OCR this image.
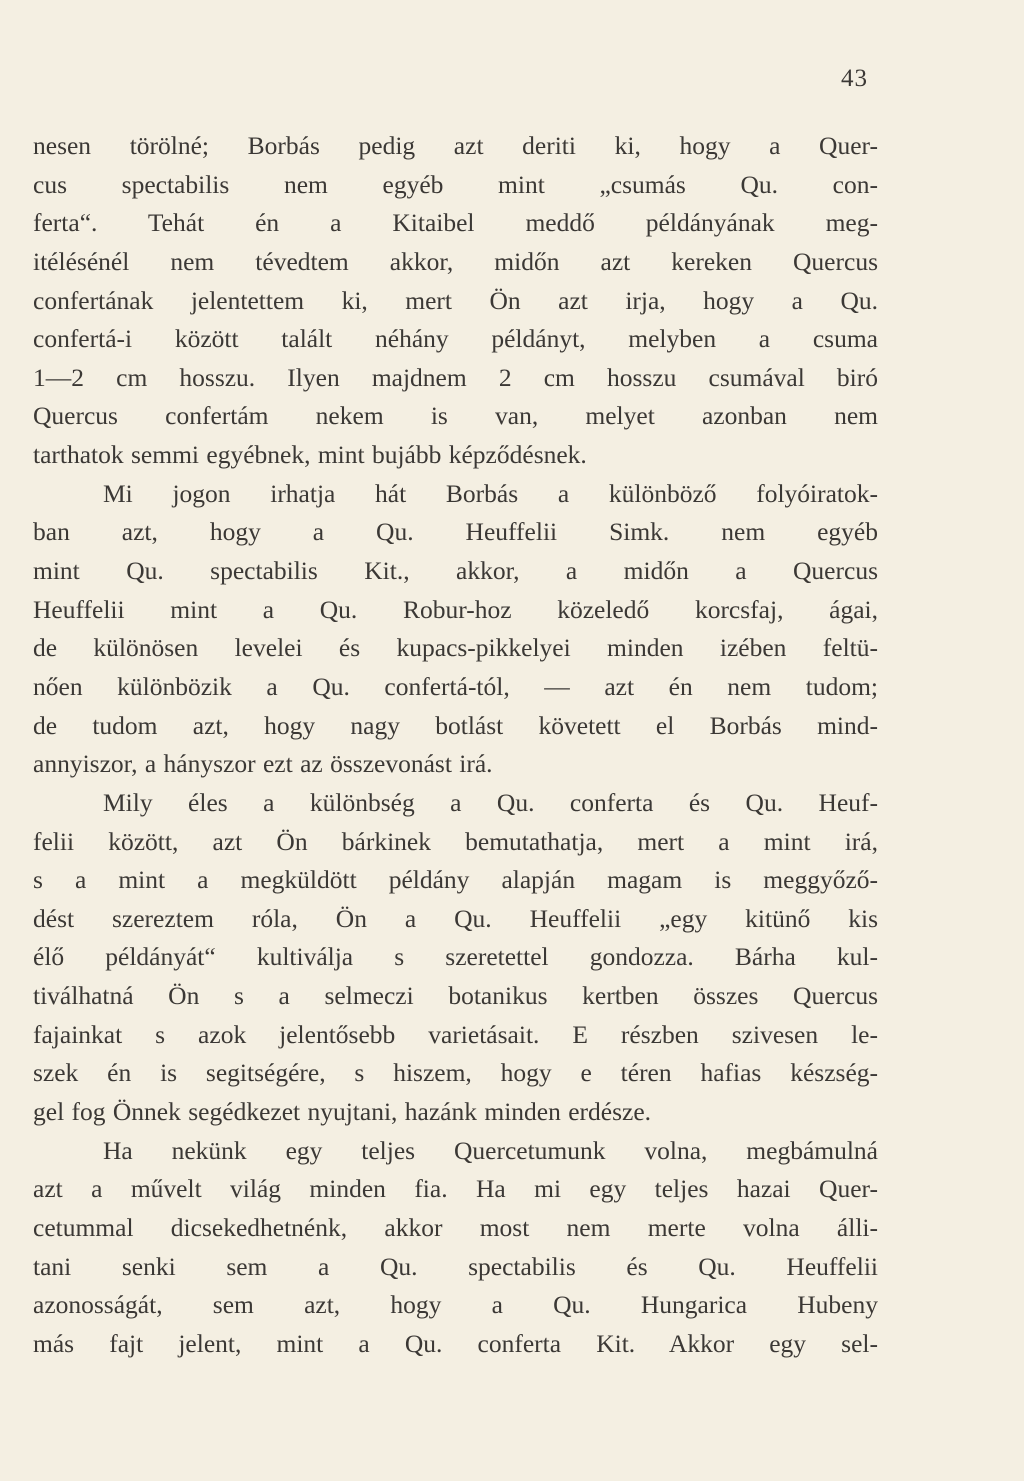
43
nesen törölné; Borbás pedig azt deriti ki, hogy a Quer-
cus spectabilis nem egyéb mint „csumás Qu. con-
ferta“. Tehát én a Kitaibel meddő példányának meg-
itélésénél nem tévedtem akkor, midőn azt kereken Quercus
confertának jelentettem ki, mert Ön azt irja, hogy a Qu.
confertá-i között talált néhány példányt, melyben a csuma
1—2 cm hosszu. Ilyen majdnem 2 cm hosszu csumával biró
Quercus confertám nekem is van, melyet azonban nem
tarthatok semmi egyébnek, mint bujább képződésnek.
Mi jogon irhatja hát Borbás a különböző folyóiratok-
ban azt, hogy a Qu. Heuffelii Simk. nem egyéb
mint Qu. spectabilis Kit., akkor, a midőn a Quercus
Heuffelii mint a Qu. Robur-hoz közeledő korcsfaj, ágai,
de különösen levelei és kupacs-pikkelyei minden izében feltü-
nően különbözik a Qu. confertá-tól, — azt én nem tudom;
de tudom azt, hogy nagy botlást követett el Borbás mind-
annyiszor, a hányszor ezt az összevonást irá.
Mily éles a különbség a Qu. conferta és Qu. Heuf-
felii között, azt Ön bárkinek bemutathatja, mert a mint irá,
s a mint a megküldött példány alapján magam is meggyőző-
dést szereztem róla, Ön a Qu. Heuffelii „egy kitünő kis
élő példányát“ kultiválja s szeretettel gondozza. Bárha kul-
tiválhatná Ön s a selmeczi botanikus kertben összes Quercus
fajainkat s azok jelentősebb varietásait. E részben szivesen le-
szek én is segitségére, s hiszem, hogy e téren hafias készség-
gel fog Önnek segédkezet nyujtani, hazánk minden erdésze.
Ha nekünk egy teljes Quercetumunk volna, megbámulná
azt a művelt világ minden fia. Ha mi egy teljes hazai Quer-
cetummal dicsekedhetnénk, akkor most nem merte volna álli-
tani senki sem a Qu. spectabilis és Qu. Heuffelii
azonosságát, sem azt, hogy a Qu. Hungarica Hubeny
más fajt jelent, mint a Qu. conferta Kit. Akkor egy sel-
